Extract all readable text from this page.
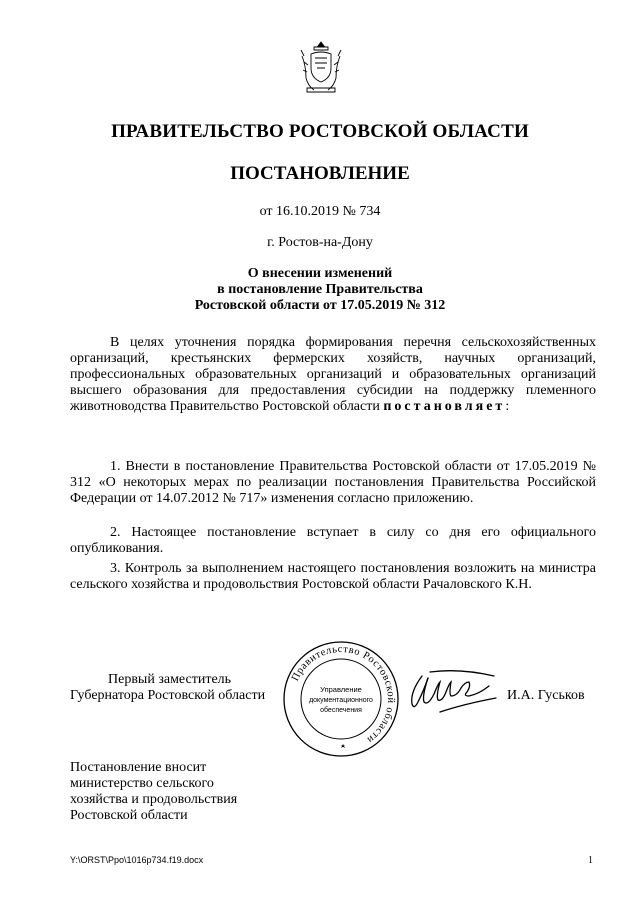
ПРАВИТЕЛЬСТВО РОСТОВСКОЙ ОБЛАСТИ
ПОСТАНОВЛЕНИЕ
от 16.10.2019 № 734
г. Ростов-на-Дону
О внесении изменений
в постановление Правительства
Ростовской области от 17.05.2019 № 312

В целях уточнения порядка формирования перечня сельскохозяйственных организаций, крестьянских фермерских хозяйств, научных организаций, профессиональных образовательных организаций и образовательных организаций высшего образования для предоставления субсидии на поддержку племенного животноводства Правительство Ростовской области постановляет:

1. Внести в постановление Правительства Ростовской области от 17.05.2019 № 312 «О некоторых мерах по реализации постановления Правительства Российской Федерации от 14.07.2012 № 717» изменения согласно приложению.

2. Настоящее постановление вступает в силу со дня его официального опубликования.

3. Контроль за выполнением настоящего постановления возложить на министра сельского хозяйства и продовольствия Ростовской области Рачаловского К.Н.

Первый заместитель
Губернатора Ростовской области
Правительство Ростовской области
Управление
документационного
обеспечения
И.А. Гуськов
Постановление вносит
министерство сельского
хозяйства и продовольствия
Ростовской области
Y:\ORST\Ppo\1016p734.f19.docx	1
